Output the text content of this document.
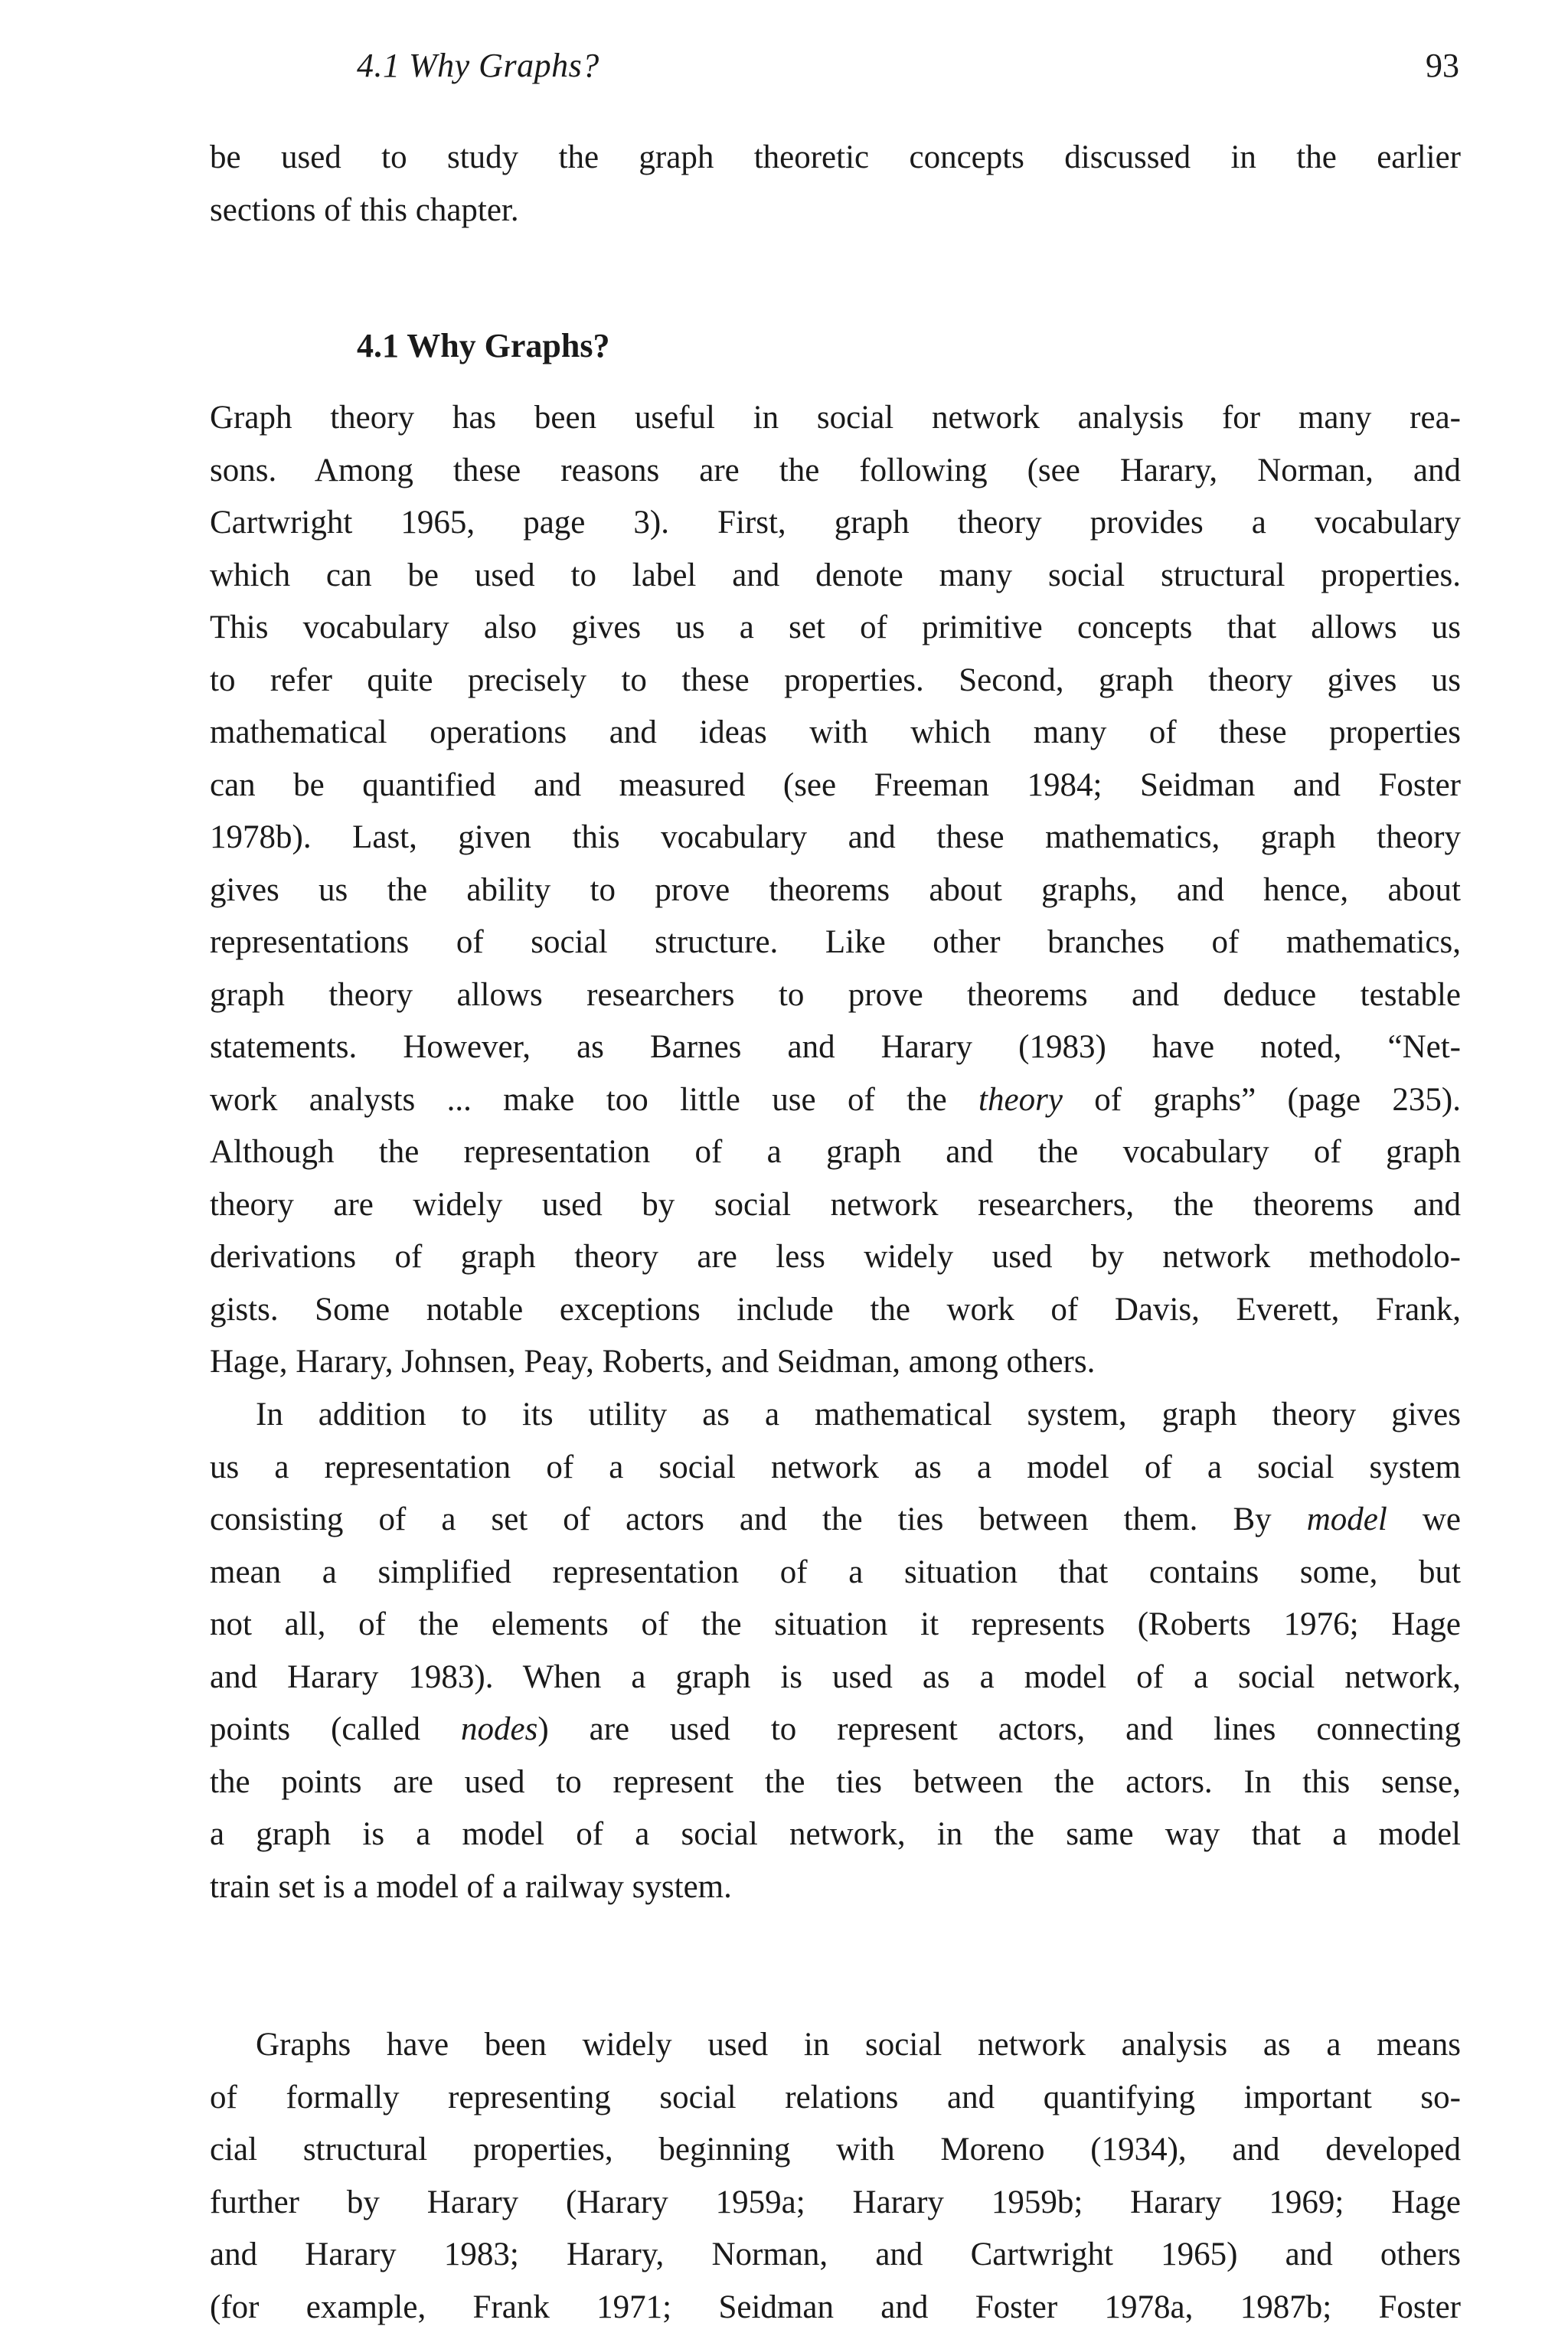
4.1 Why Graphs?	93
be used to study the graph theoretic concepts discussed in the earlier
sections of this chapter.
4.1 Why Graphs?
Graph theory has been useful in social network analysis for many rea-
sons. Among these reasons are the following (see Harary, Norman, and
Cartwright 1965, page 3). First, graph theory provides a vocabulary
which can be used to label and denote many social structural properties.
This vocabulary also gives us a set of primitive concepts that allows us
to refer quite precisely to these properties. Second, graph theory gives us
mathematical operations and ideas with which many of these properties
can be quantified and measured (see Freeman 1984; Seidman and Foster
1978b). Last, given this vocabulary and these mathematics, graph theory
gives us the ability to prove theorems about graphs, and hence, about
representations of social structure. Like other branches of mathematics,
graph theory allows researchers to prove theorems and deduce testable
statements. However, as Barnes and Harary (1983) have noted, “Net-
work analysts ... make too little use of the theory of graphs” (page 235).
Although the representation of a graph and the vocabulary of graph
theory are widely used by social network researchers, the theorems and
derivations of graph theory are less widely used by network methodolo-
gists. Some notable exceptions include the work of Davis, Everett, Frank,
Hage, Harary, Johnsen, Peay, Roberts, and Seidman, among others.
In addition to its utility as a mathematical system, graph theory gives
us a representation of a social network as a model of a social system
consisting of a set of actors and the ties between them. By model we
mean a simplified representation of a situation that contains some, but
not all, of the elements of the situation it represents (Roberts 1976; Hage
and Harary 1983). When a graph is used as a model of a social network,
points (called nodes) are used to represent actors, and lines connecting
the points are used to represent the ties between the actors. In this sense,
a graph is a model of a social network, in the same way that a model
train set is a model of a railway system.
Graphs have been widely used in social network analysis as a means
of formally representing social relations and quantifying important so-
cial structural properties, beginning with Moreno (1934), and developed
further by Harary (Harary 1959a; Harary 1959b; Harary 1969; Hage
and Harary 1983; Harary, Norman, and Cartwright 1965) and others
(for example, Frank 1971; Seidman and Foster 1978a, 1987b; Foster
